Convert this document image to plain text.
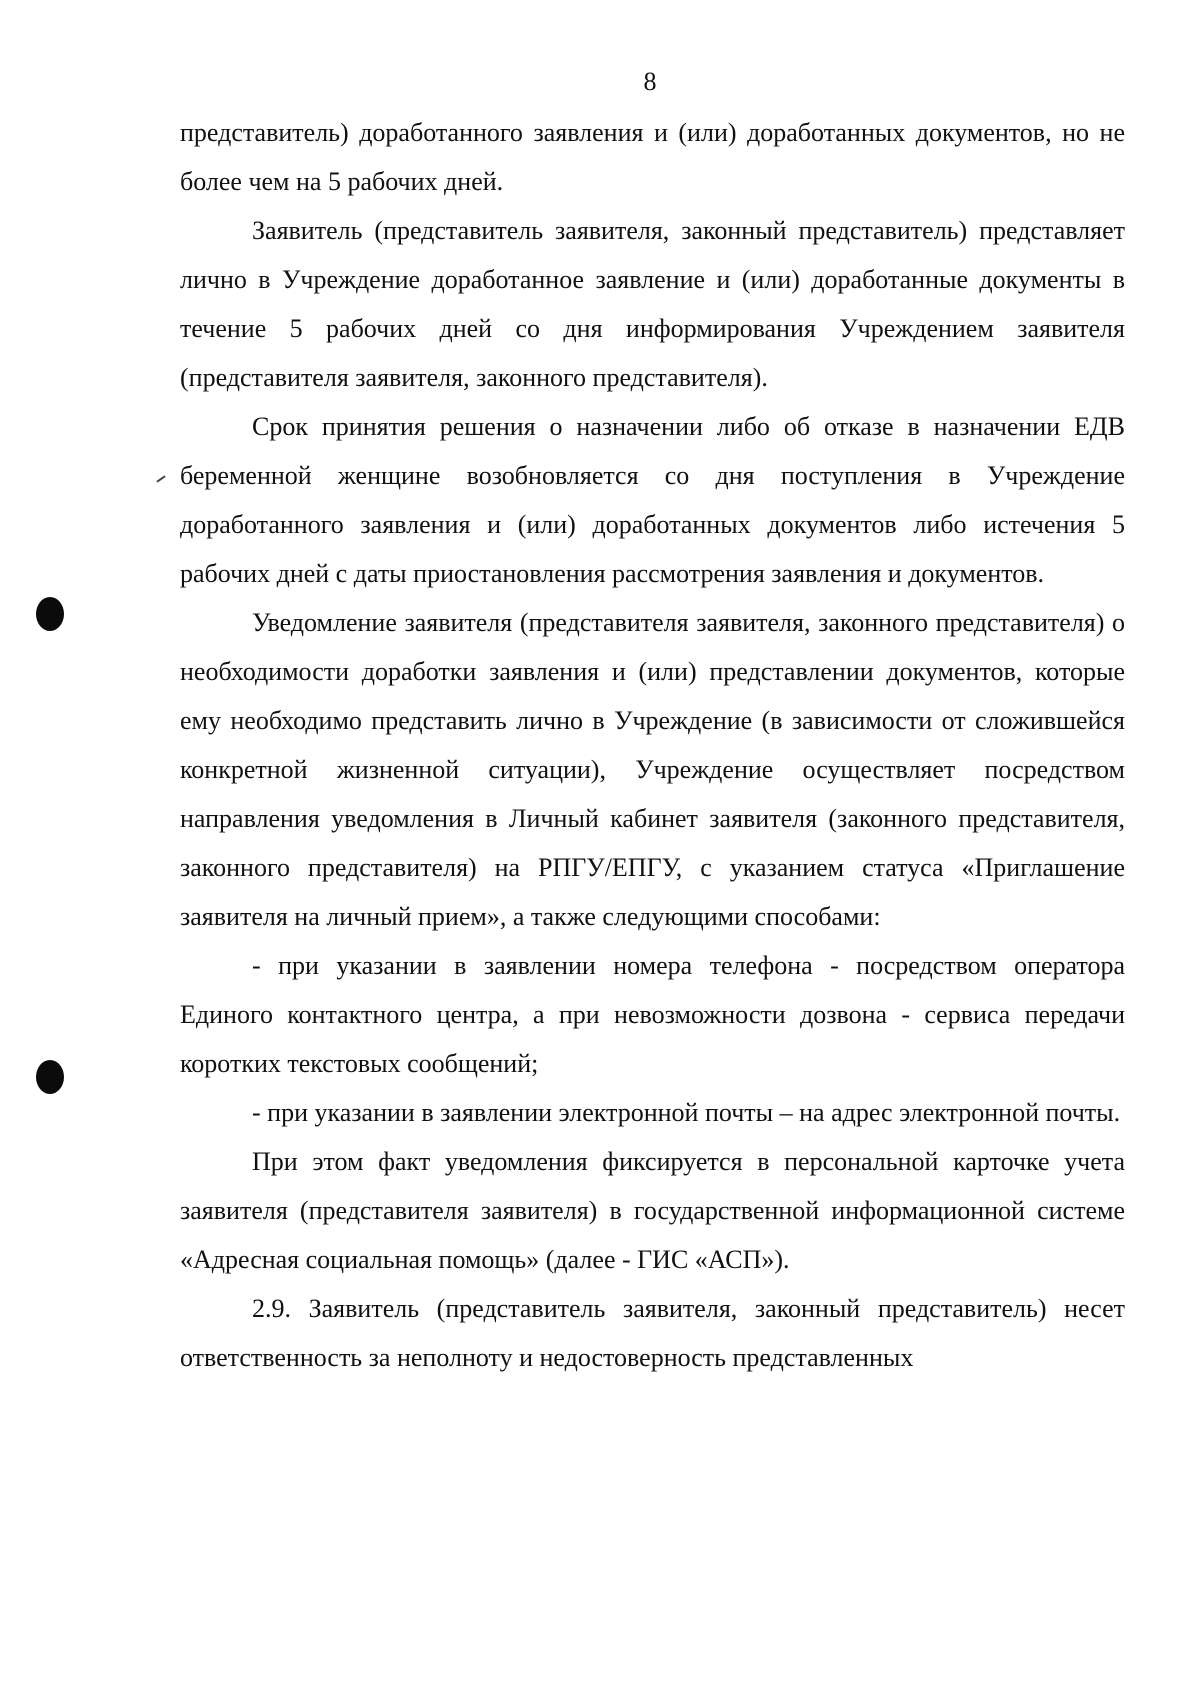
8

представитель) доработанного заявления и (или) доработанных документов, но не более чем на 5 рабочих дней.

Заявитель (представитель заявителя, законный представитель) представляет лично в Учреждение доработанное заявление и (или) доработанные документы в течение 5 рабочих дней со дня информирования Учреждением заявителя (представителя заявителя, законного представителя).

Срок принятия решения о назначении либо об отказе в назначении ЕДВ беременной женщине возобновляется со дня поступления в Учреждение доработанного заявления и (или) доработанных документов либо истечения 5 рабочих дней с даты приостановления рассмотрения заявления и документов.

Уведомление заявителя (представителя заявителя, законного представителя) о необходимости доработки заявления и (или) представлении документов, которые ему необходимо представить лично в Учреждение (в зависимости от сложившейся конкретной жизненной ситуации), Учреждение осуществляет посредством направления уведомления в Личный кабинет заявителя (законного представителя, законного представителя) на РПГУ/ЕПГУ, с указанием статуса «Приглашение заявителя на личный прием», а также следующими способами:

- при указании в заявлении номера телефона - посредством оператора Единого контактного центра, а при невозможности дозвона - сервиса передачи коротких текстовых сообщений;

- при указании в заявлении электронной почты – на адрес электронной почты.

При этом факт уведомления фиксируется в персональной карточке учета заявителя (представителя заявителя) в государственной информационной системе «Адресная социальная помощь» (далее - ГИС «АСП»).

2.9. Заявитель (представитель заявителя, законный представитель) несет ответственность за неполноту и недостоверность представленных
